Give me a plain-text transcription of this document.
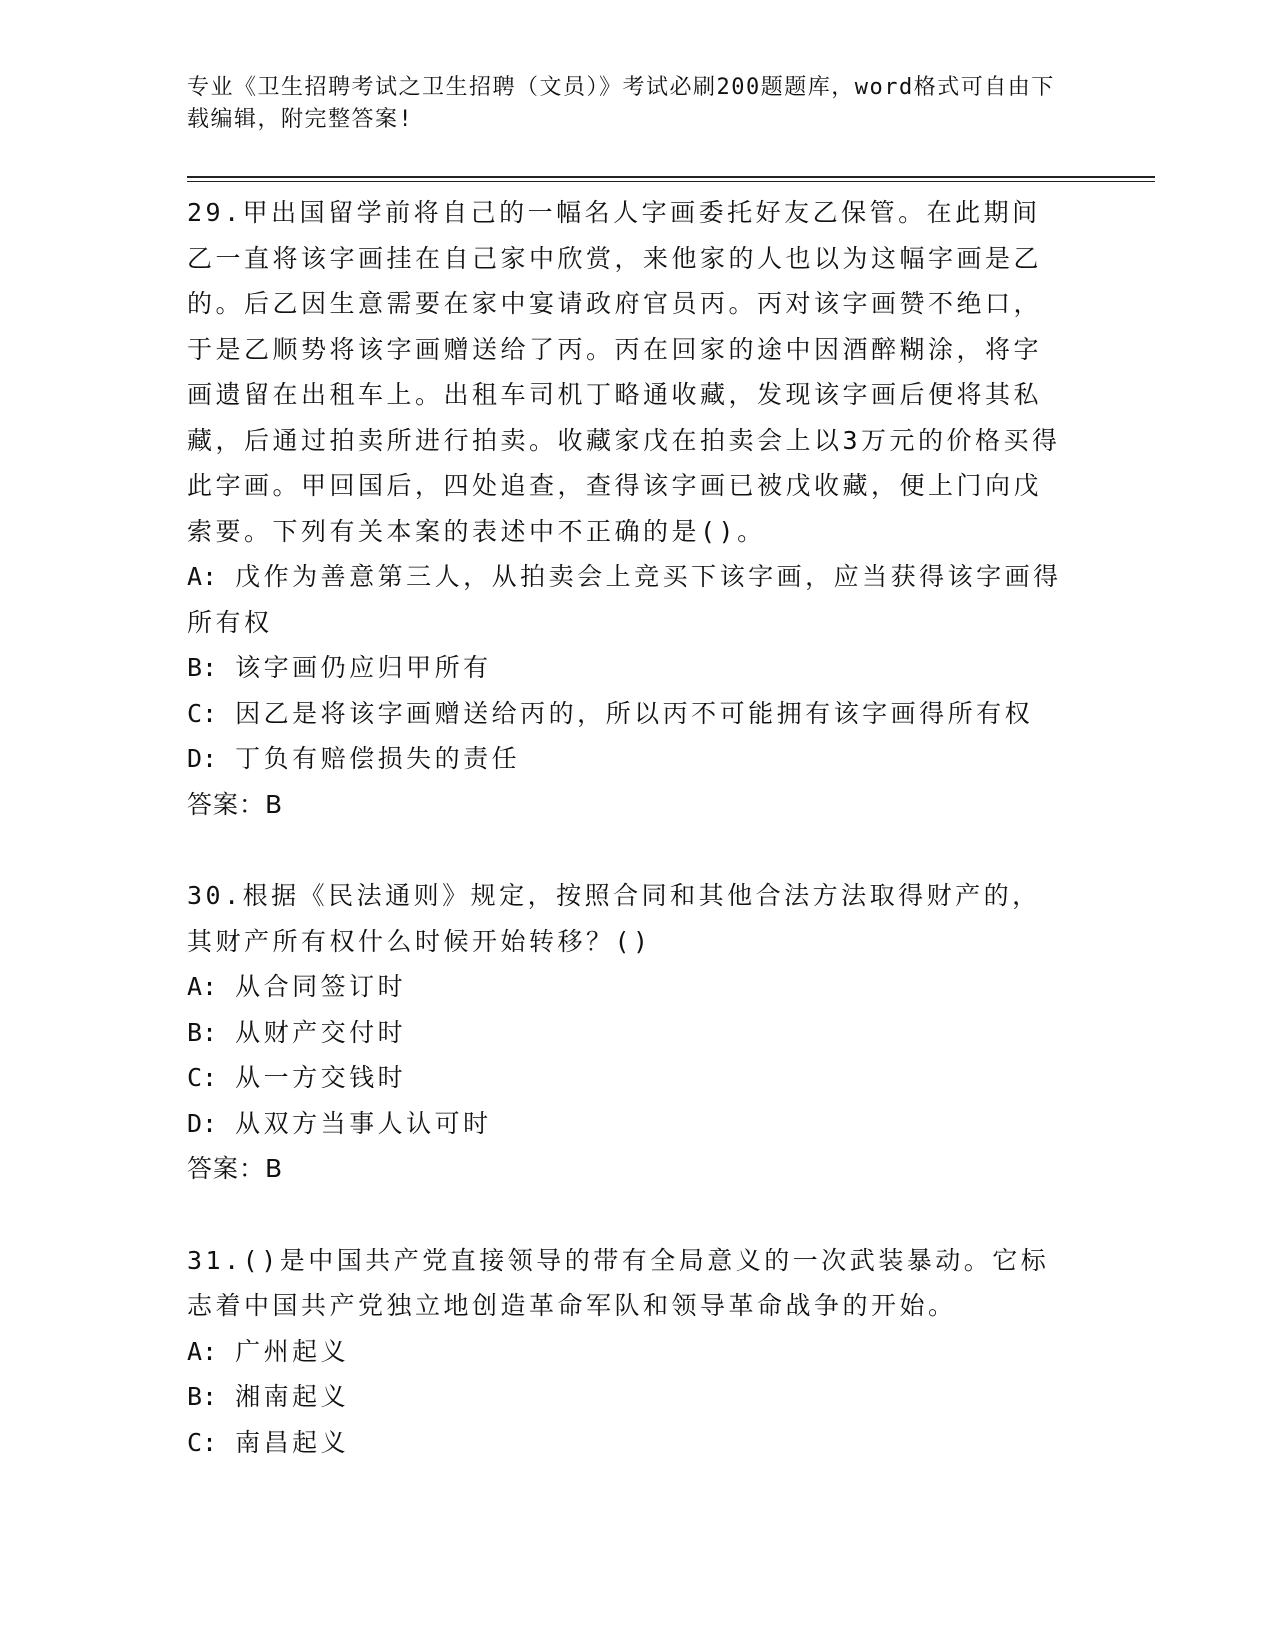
专业《卫生招聘考试之卫生招聘（文员）》考试必刷200题题库，word格式可自由下载编辑，附完整答案!

29.甲出国留学前将自己的一幅名人字画委托好友乙保管。在此期间乙一直将该字画挂在自己家中欣赏，来他家的人也以为这幅字画是乙的。后乙因生意需要在家中宴请政府官员丙。丙对该字画赞不绝口，于是乙顺势将该字画赠送给了丙。丙在回家的途中因酒醉糊涂，将字画遗留在出租车上。出租车司机丁略通收藏，发现该字画后便将其私藏，后通过拍卖所进行拍卖。收藏家戊在拍卖会上以3万元的价格买得此字画。甲回国后，四处追查，查得该字画已被戊收藏，便上门向戊索要。下列有关本案的表述中不正确的是()。

A: 戊作为善意第三人，从拍卖会上竞买下该字画，应当获得该字画得所有权

B: 该字画仍应归甲所有

C: 因乙是将该字画赠送给丙的，所以丙不可能拥有该字画得所有权

D: 丁负有赔偿损失的责任

答案：B

30.根据《民法通则》规定，按照合同和其他合法方法取得财产的，其财产所有权什么时候开始转移？()

A: 从合同签订时

B: 从财产交付时

C: 从一方交钱时

D: 从双方当事人认可时

答案：B

31.()是中国共产党直接领导的带有全局意义的一次武装暴动。它标志着中国共产党独立地创造革命军队和领导革命战争的开始。

A: 广州起义

B: 湘南起义

C: 南昌起义
